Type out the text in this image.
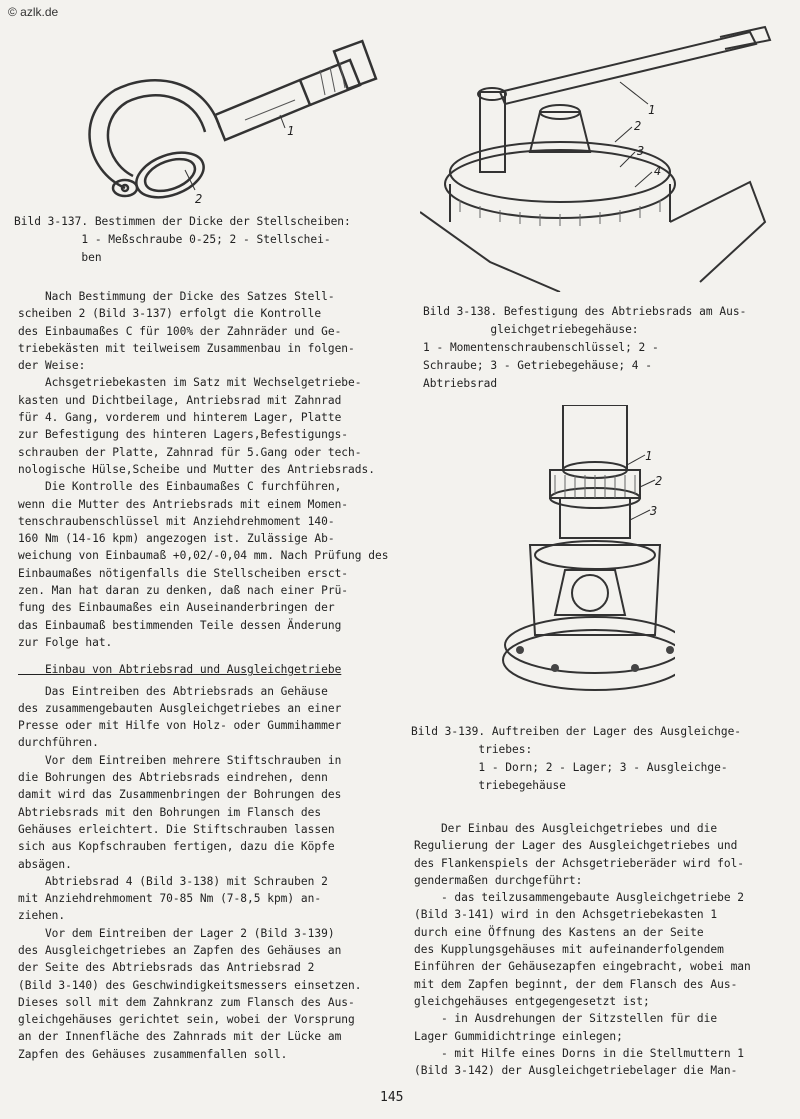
© azlk.de
1
2
Bild 3-137. Bestimmen der Dicke der Stellscheiben:
1 - Meßschraube 0-25; 2 - Stellschei-
ben
1
2
3
4
Bild 3-138. Befestigung des Abtriebsrads am Aus-
gleichgetriebegehäuse:
1 - Momentenschraubenschlüssel; 2 -
Schraube; 3 - Getriebegehäuse; 4 -
Abtriebsrad
1
2
3
Bild 3-139. Auftreiben der Lager des Ausgleichge-
triebes:
1 - Dorn; 2 - Lager; 3 - Ausgleichge-
triebegehäuse

Nach Bestimmung der Dicke des Satzes Stell-
scheiben 2 (Bild 3-137) erfolgt die Kontrolle
des Einbaumaßes C für 100% der Zahnräder und Ge-
triebekästen mit teilweisem Zusammenbau in folgen-
der Weise:

Achsgetriebekasten im Satz mit Wechselgetriebe-
kasten und Dichtbeilage, Antriebsrad mit Zahnrad
für 4. Gang, vorderem und hinterem Lager, Platte
zur Befestigung des hinteren Lagers,Befestigungs-
schrauben der Platte, Zahnrad für 5.Gang oder tech-
nologische Hülse,Scheibe und Mutter des Antriebsrads.

Die Kontrolle des Einbaumaßes C furchführen,
wenn die Mutter des Antriebsrads mit einem Momen-
tenschraubenschlüssel mit Anziehdrehmoment 140-
160 Nm (14-16 kpm) angezogen ist. Zulässige Ab-
weichung von Einbaumaß +0,02/-0,04 mm. Nach Prüfung des
Einbaumaßes nötigenfalls die Stellscheiben ersct-
zen. Man hat daran zu denken, daß nach einer Prü-
fung des Einbaumaßes ein Auseinanderbringen der
das Einbaumaß bestimmenden Teile dessen Änderung
zur Folge hat.

Einbau von Abtriebsrad und Ausgleichgetriebe

Das Eintreiben des Abtriebsrads an Gehäuse
des zusammengebauten Ausgleichgetriebes an einer
Presse oder mit Hilfe von Holz- oder Gummihammer
durchführen.

Vor dem Eintreiben mehrere Stiftschrauben in
die Bohrungen des Abtriebsrads eindrehen, denn
damit wird das Zusammenbringen der Bohrungen des
Abtriebsrads mit den Bohrungen im Flansch des
Gehäuses erleichtert. Die Stiftschrauben lassen
sich aus Kopfschrauben fertigen, dazu die Köpfe
absägen.

Abtriebsrad 4 (Bild 3-138) mit Schrauben 2
mit Anziehdrehmoment 70-85 Nm (7-8,5 kpm) an-
ziehen.

Vor dem Eintreiben der Lager 2 (Bild 3-139)
des Ausgleichgetriebes an Zapfen des Gehäuses an
der Seite des Abtriebsrads das Antriebsrad 2
(Bild 3-140) des Geschwindigkeitsmessers einsetzen.
Dieses soll mit dem Zahnkranz zum Flansch des Aus-
gleichgehäuses gerichtet sein, wobei der Vorsprung
an der Innenfläche des Zahnrads mit der Lücke am
Zapfen des Gehäuses zusammenfallen soll.

Der Einbau des Ausgleichgetriebes und die
Regulierung der Lager des Ausgleichgetriebes und
des Flankenspiels der Achsgetrieberäder wird fol-
gendermaßen durchgeführt:

- das teilzusammengebaute Ausgleichgetriebe 2
(Bild 3-141) wird in den Achsgetriebekasten 1
durch eine Öffnung des Kastens an der Seite
des Kupplungsgehäuses mit aufeinanderfolgendem
Einführen der Gehäusezapfen eingebracht, wobei man
mit dem Zapfen beginnt, der dem Flansch des Aus-
gleichgehäuses entgegengesetzt ist;

- in Ausdrehungen der Sitzstellen für die
Lager Gummidichtringe einlegen;

- mit Hilfe eines Dorns in die Stellmuttern 1
(Bild 3-142) der Ausgleichgetriebelager die Man-

145
